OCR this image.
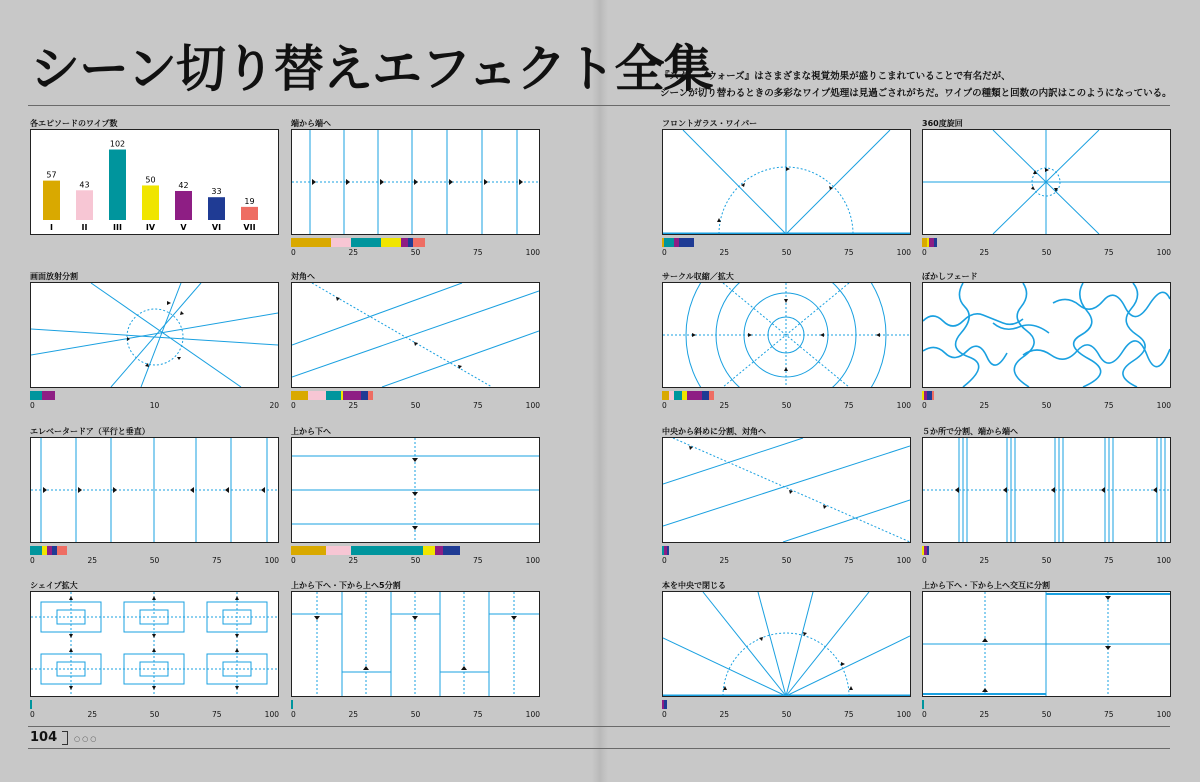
シーン切り替えエフェクト全集
『スター・ウォーズ』はさまざまな視覚効果が盛りこまれていることで有名だが、
シーンが切り替わるときの多彩なワイプ処理は見過ごされがちだ。ワイプの種類と回数の内訳はこのようになっている。
各エピソードのワイプ数
57
I
43
II
102
III
50
IV
42
V
33
VI
19
VII
端から端へ
0	25	50	75	100
フロントガラス・ワイパー
0	25	50	75	100
360度旋回
0	25	50	75	100
画面放射分割
0	10	20
対角へ
0	25	50	75	100
サークル収縮／拡大
0	25	50	75	100
ぼかしフェード
0	25	50	75	100
エレベータードア（平行と垂直）
0	25	50	75	100
上から下へ
0	25	50	75	100
中央から斜めに分割、対角へ
0	25	50	75	100
５か所で分割、端から端へ
0	25	50	75	100
シェイプ拡大
0	25	50	75	100
上から下へ・下から上へ5分割
0	25	50	75	100
本を中央で閉じる
0	25	50	75	100
上から下へ・下から上へ交互に分割
0	25	50	75	100
104 ○○○
